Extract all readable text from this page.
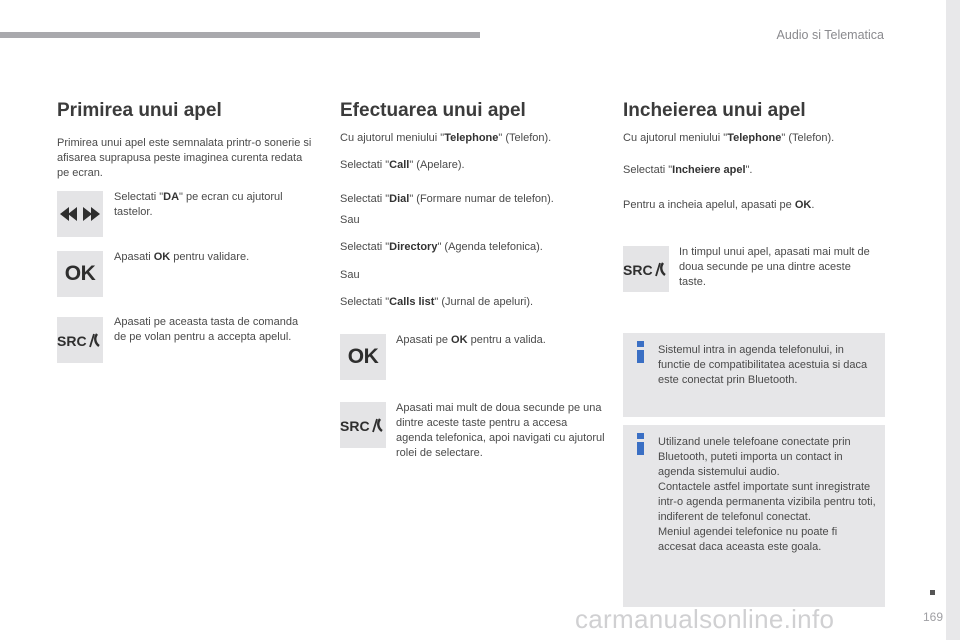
Audio si Telematica
Primirea unui apel

Primirea unui apel este semnalata printr-o sonerie si afisarea suprapusa peste imaginea curenta redata pe ecran.

Selectati "DA" pe ecran cu ajutorul tastelor.

OK

Apasati OK pentru validare.

SRC

Apasati pe aceasta tasta de comanda de pe volan pentru a accepta apelul.

Efectuarea unui apel

Cu ajutorul meniului "Telephone" (Telefon).

Selectati "Call" (Apelare).

Selectati "Dial" (Formare numar de telefon).

Sau

Selectati "Directory" (Agenda telefonica).

Sau

Selectati "Calls list" (Jurnal de apeluri).

OK

Apasati pe OK pentru a valida.

SRC

Apasati mai mult de doua secunde pe una dintre aceste taste pentru a accesa agenda telefonica, apoi navigati cu ajutorul rolei de selectare.

Incheierea unui apel

Cu ajutorul meniului "Telephone" (Telefon).

Selectati "Incheiere apel".

Pentru a incheia apelul, apasati pe OK.

SRC

In timpul unui apel, apasati mai mult de doua secunde pe una dintre aceste taste.

Sistemul intra in agenda telefonului, in functie de compatibilitatea acestuia si daca este conectat prin Bluetooth.

Utilizand unele telefoane conectate prin Bluetooth, puteti importa un contact in agenda sistemului audio.
Contactele astfel importate sunt inregistrate intr-o agenda permanenta vizibila pentru toti, indiferent de telefonul conectat.
Meniul agendei telefonice nu poate fi accesat daca aceasta este goala.

carmanualsonline.info	169
